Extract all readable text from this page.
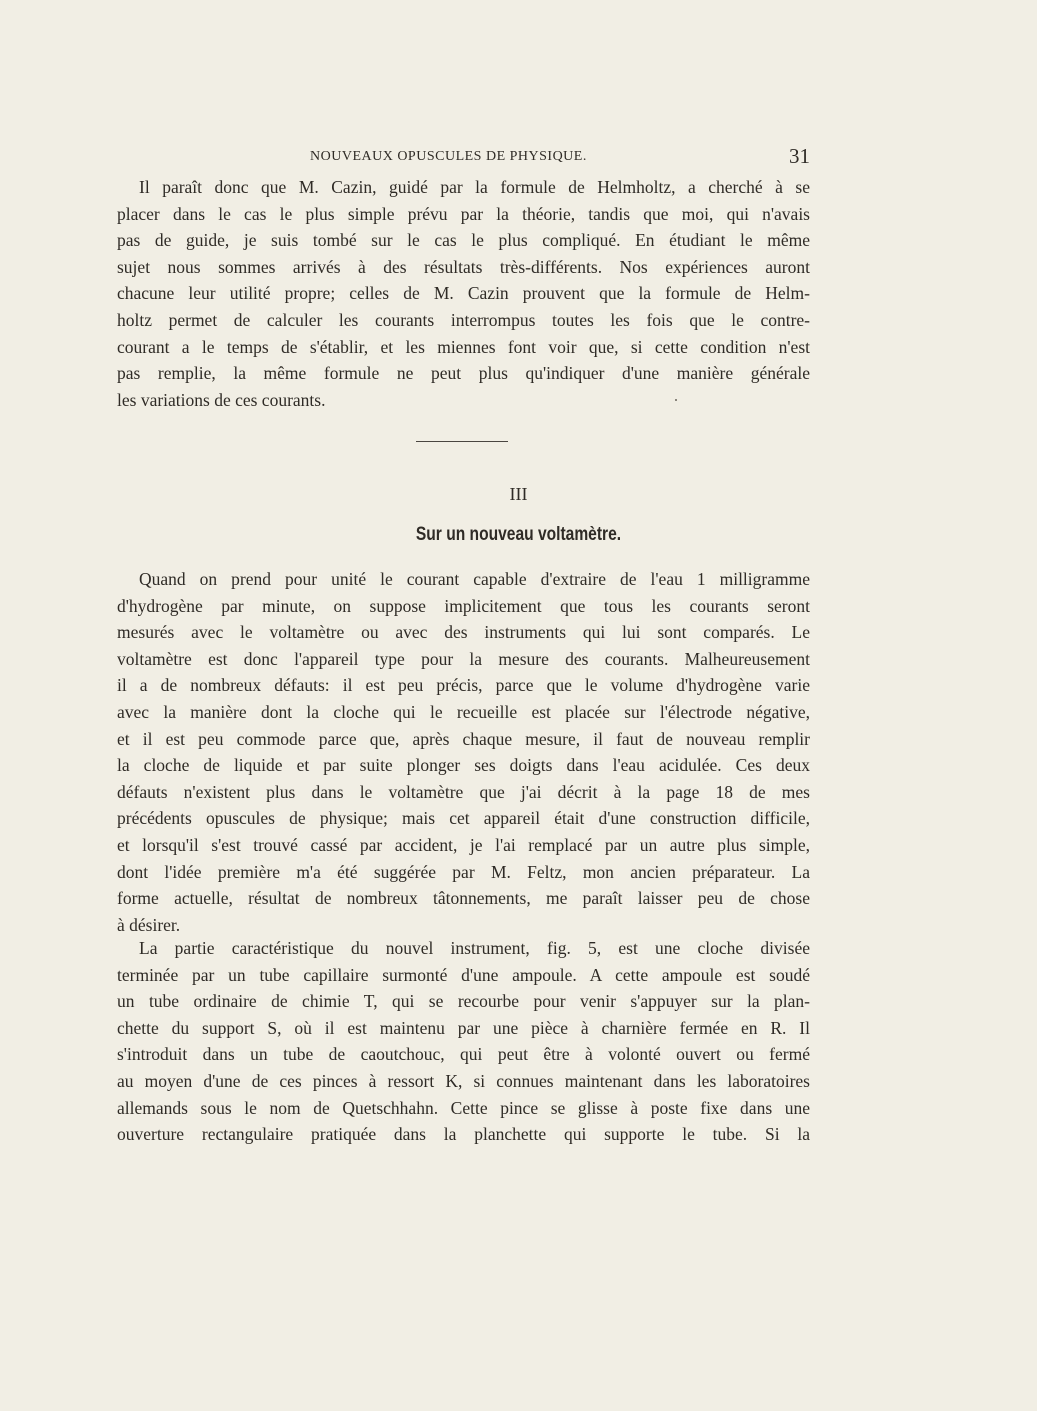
NOUVEAUX OPUSCULES DE PHYSIQUE.	31
Il paraît donc que M. Cazin, guidé par la formule de Helmholtz, a cherché à se
placer dans le cas le plus simple prévu par la théorie, tandis que moi, qui n'avais
pas de guide, je suis tombé sur le cas le plus compliqué. En étudiant le même
sujet nous sommes arrivés à des résultats très-différents. Nos expériences auront
chacune leur utilité propre; celles de M. Cazin prouvent que la formule de Helm-
holtz permet de calculer les courants interrompus toutes les fois que le contre-
courant a le temps de s'établir, et les miennes font voir que, si cette condition n'est
pas remplie, la même formule ne peut plus qu'indiquer d'une manière générale
les variations de ces courants.
III
Sur un nouveau voltamètre.
Quand on prend pour unité le courant capable d'extraire de l'eau 1 milligramme
d'hydrogène par minute, on suppose implicitement que tous les courants seront
mesurés avec le voltamètre ou avec des instruments qui lui sont comparés. Le
voltamètre est donc l'appareil type pour la mesure des courants. Malheureusement
il a de nombreux défauts: il est peu précis, parce que le volume d'hydrogène varie
avec la manière dont la cloche qui le recueille est placée sur l'électrode négative,
et il est peu commode parce que, après chaque mesure, il faut de nouveau remplir
la cloche de liquide et par suite plonger ses doigts dans l'eau acidulée. Ces deux
défauts n'existent plus dans le voltamètre que j'ai décrit à la page 18 de mes
précédents opuscules de physique; mais cet appareil était d'une construction difficile,
et lorsqu'il s'est trouvé cassé par accident, je l'ai remplacé par un autre plus simple,
dont l'idée première m'a été suggérée par M. Feltz, mon ancien préparateur. La
forme actuelle, résultat de nombreux tâtonnements, me paraît laisser peu de chose
à désirer.
La partie caractéristique du nouvel instrument, fig. 5, est une cloche divisée
terminée par un tube capillaire surmonté d'une ampoule. A cette ampoule est soudé
un tube ordinaire de chimie T, qui se recourbe pour venir s'appuyer sur la plan-
chette du support S, où il est maintenu par une pièce à charnière fermée en R. Il
s'introduit dans un tube de caoutchouc, qui peut être à volonté ouvert ou fermé
au moyen d'une de ces pinces à ressort K, si connues maintenant dans les laboratoires
allemands sous le nom de Quetschhahn. Cette pince se glisse à poste fixe dans une
ouverture rectangulaire pratiquée dans la planchette qui supporte le tube. Si la
